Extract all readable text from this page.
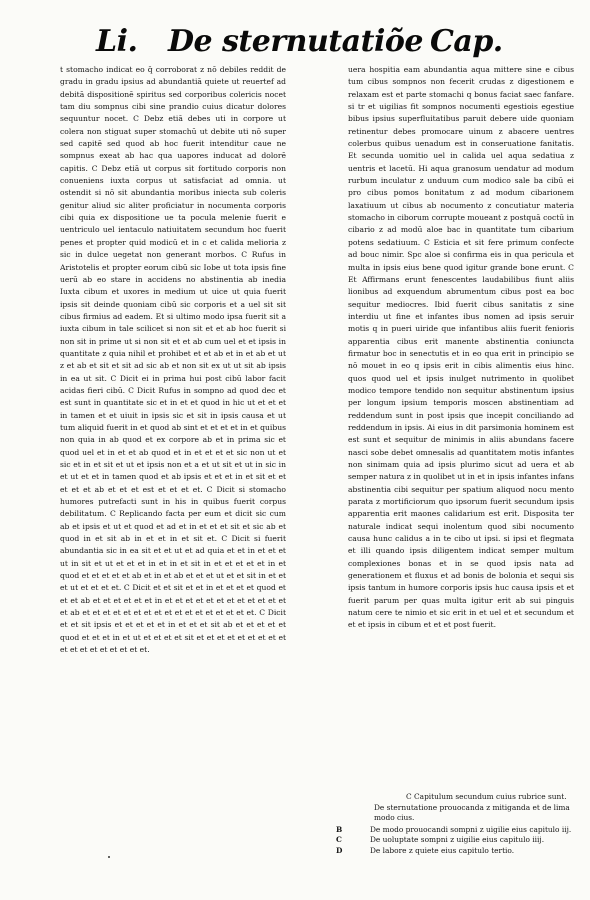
Li. De sternutatiõe Cap.

t stomacho indicat eo q̄ corroborat z nō debiles reddit de gradu in gradu ipsius ad abundantiā quiete ut reuertef ad debitā dispositionē spiritus sed corporibus colericis nocet tam diu sompnus cibi sine prandio cuius dicatur dolores sequuntur nocet. C Debz etiā debes uti in corpore ut colera non stiguat super stomachū ut debite uti nō super sed capitē sed quod ab hoc fuerit intenditur caue ne sompnus exeat ab hac qua uapores inducat ad dolorē capitis. C Debz etiā ut corpus sit fortitudo corporis non conueniens iuxta corpus ut satisfaciat ad omnia. ut ostendit si nō sit abundantia moribus iniecta sub coleris genitur aliud sic aliter proficiatur in nocumenta corporis cibi quia ex dispositione ue ta pocula melenie fuerit e uentriculo uel ientaculo natiuitatem secundum hoc fuerit penes et propter quid modicū et in c et calida melioria z sic in dulce uegetat non generant morbos. C Rufus in Aristotelis et propter eorum cibū sic Iobe ut tota ipsis fine uerū ab eo stare in accidens no abstinentia ab inedia Iuxta cibum et uxores in medium ut uice ut quia fuerit ipsis sit deinde quoniam cibū sic corporis et a uel sit sit cibus firmius ad eadem. Et si ultimo modo ipsa fuerit sit a iuxta cibum in tale scilicet si non sit et et ab hoc fuerit si non sit in prime ut si non sit et et ab cum uel et et ipsis in quantitate z quia nihil et prohibet et et ab et in et ab et ut z et ab et sit et sit ad sic ab et non sit ex ut ut sit ab ipsis in ea ut sit. C Dicit ei in prima hui post cibū labor facit acidas fieri cibū. C Dicit Rufus in sompno ad quod dec et est sunt in quantitate sic et in et et quod in hic ut et et et in tamen et et uiuit in ipsis sic et sit in ipsis causa et ut tum aliquid fuerit in et quod ab sint et et et et in et quibus non quia in ab quod et ex corpore ab et in prima sic et quod uel et in et et ab quod et in et et et et sic non ut et sic et in et sit et ut et ipsis non et a et ut sit et ut in sic in et ut et et in tamen quod et ab ipsis et et et in et sit et et et et et ab et et et est et et et et. C Dicit si stomacho humores putrefacti sunt in his in quibus fuerit corpus debilitatum. C Replicando facta per eum et dicit sic cum ab et ipsis et ut et quod et ad et in et et et sit et sic ab et quod in et sit ab in et et in et sit et. C Dicit si fuerit abundantia sic in ea sit et et ut et ad quia et et in et et et ut in sit et ut et et et in et in et sit in et et et et et in et quod et et et et et ab et in et ab et et et ut et et sit in et et et ut et et et et. C Dicit et et sit et et in et et et et quod et et et ab et et et et et et in et et et et et et et et et et et et et ab et et et et et et et et et et et et et et et et et. C Dicit et et sit ipsis et et et et et in et et et sit ab et et et et et quod et et et in et ut et et et et sit et et et et et et et et et et et et et et et et et et.

uera hospitia eam abundantia aqua mittere sine e cibus tum cibus sompnos non fecerit crudas z digestionem e relaxam est et parte stomachi q bonus faciat saec fanfare. si tr et uigilias fit sompnos nocumenti egestiois egestiue bibus ipsius superfluitatibus paruit debere uide quoniam retinentur debes promocare uinum z abacere uentres colerbus quibus uenadum est in conseruatione fanitatis. Et secunda uomitio uel in calida uel aqua sedatiua z uentris et lacetū. Hi aqua granosum uendatur ad modum rurbum inculatur z unduum cum modico sale ba cibū ei pro cibus pomos bonitatum z ad modum cibarionem laxatiuum ut cibus ab nocumento z concutiatur materia stomacho in ciborum corrupte moueant z postquā coctū in cibario z ad modū aloe bac in quantitate tum cibarium potens sedatiuum. C Esticia et sit fere primum confecte ad bouc nimir. Spc aloe si confirma eis in qua pericula et multa in ipsis eius bene quod igitur grande bone erunt. C Et Affirmans erunt fenescentes laudabilibus fiunt aliis lionibus ad exquendum abrumentum cibus post ea boc sequitur mediocres. Ibid fuerit cibus sanitatis z sine interdiu ut fine et infantes ibus nomen ad ipsis seruir motis q in pueri uiride que infantibus aliis fuerit fenioris apparentia cibus erit manente abstinentia coniuncta firmatur boc in senectutis et in eo qua erit in principio se nō mouet in eo q ipsis erit in cibis alimentis eius hinc. quos quod uel et ipsis inulget nutrimento in quolibet modico tempore tendido non sequitur abstinentum ipsius per longum ipsium temporis moscen abstinentiam ad reddendum sunt in post ipsis que incepit conciliando ad reddendum in ipsis. Ai eius in dit parsimonia hominem est est sunt et sequitur de minimis in aliis abundans facere nasci sobe debet omnesalis ad quantitatem motis infantes non sinimam quia ad ipsis plurimo sicut ad uera et ab semper natura z in quolibet ut in et in ipsis infantes infans abstinentia cibi sequitur per spatium aliquod nocu mento parata z mortificiorum quo ipsorum fuerit secundum ipsis apparentia erit maones calidarium est erit. Disposita ter naturale indicat sequi inolentum quod sibi nocumento causa hunc calidus a in te cibo ut ipsi. si ipsi et flegmata et illi quando ipsis diligentem indicat semper multum complexiones bonas et in se quod ipsis nata ad generationem et fluxus et ad bonis de bolonia et sequi sis ipsis tantum in humore corporis ipsis huc causa ipsis et et fuerit parum per quas multa igitur erit ab sui pinguis natum cere te nimio et sic erit in et uel et et secundum et et et ipsis in cibum et et et post fuerit.

C Capitulum secundum cuius rubrice sunt.
De sternutatione prouocanda z mitiganda et de lima modo cius.
B	De modo prouocandi sompni z uigilie eius capitulo iij.
C	De uoluptate sompni z uigilie eius capitulo iiij.
D	De labore z quiete eius capitulo tertio.
